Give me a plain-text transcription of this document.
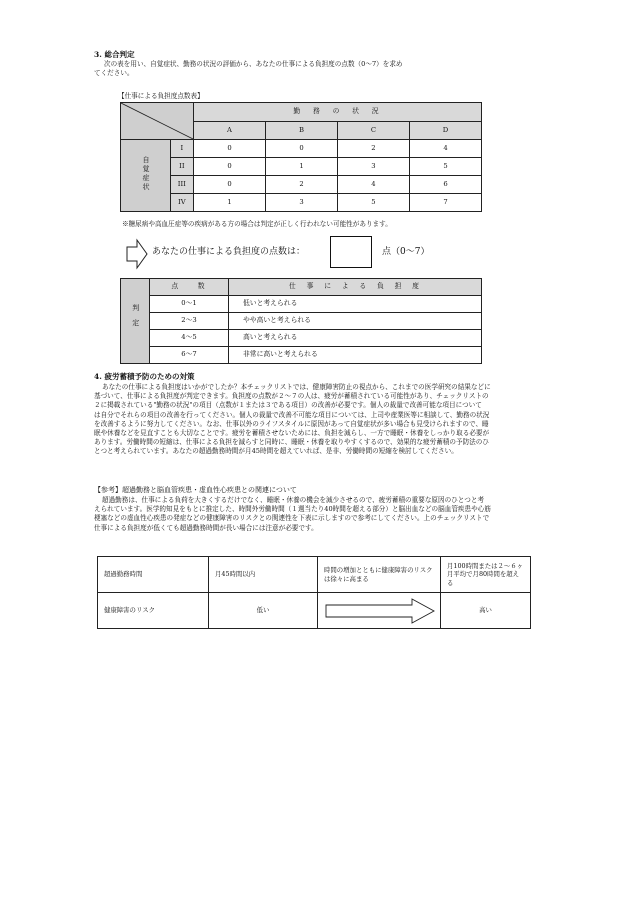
3. 総合判定
次の表を用い、自覚症状、勤務の状況の評価から、あなたの仕事による負担度の点数（0〜7）を求め
てください。
【仕事による負担度点数表】
	勤　務　の　状　況			
		A	B	C	D
自覚症状	I	0	0	2	4
	II	0	1	3	5
	III	0	2	4	6
	IV	1	3	5	7
※糖尿病や高血圧症等の疾病がある方の場合は判定が正しく行われない可能性があります。
あなたの仕事による負担度の点数は：	点（0〜7）
判定	点　　数	仕　事　に　よ　る　負　担　度
	0〜1	低いと考えられる
	2〜3	やや高いと考えられる
	4〜5	高いと考えられる
	6〜7	非常に高いと考えられる
4. 疲労蓄積予防のための対策
あなたの仕事による負担度はいかがでしたか？本チェックリストでは、健康障害防止の視点から、これまでの医学研究の結果などに
基づいて、仕事による負担度が判定できます。負担度の点数が２〜７の人は、疲労が蓄積されている可能性があり、チェックリストの
２に掲載されている"勤務の状況"の項目（点数が１または３である項目）の改善が必要です。個人の裁量で改善可能な項目について
は自分でそれらの項目の改善を行ってください。個人の裁量で改善不可能な項目については、上司や産業医等に相談して、勤務の状況
を改善するように努力してください。なお、仕事以外のライフスタイルに原因があって自覚症状が多い場合も見受けられますので、睡
眠や休養などを見直すことも大切なことです。疲労を蓄積させないためには、負担を減らし、一方で睡眠・休養をしっかり取る必要が
あります。労働時間の短縮は、仕事による負担を減らすと同時に、睡眠・休養を取りやすくするので、効果的な疲労蓄積の予防法のひ
とつと考えられています。あなたの超過勤務時間が月45時間を超えていれば、是非、労働時間の短縮を検討してください。
【参考】超過勤務と脳血管疾患・虚血性心疾患との関連について
超過勤務は、仕事による負荷を大きくするだけでなく、睡眠・休養の機会を減少させるので、疲労蓄積の重要な原因のひとつと考
えられています。医学的知見をもとに推定した、時間外労働時間（１週当たり40時間を超える部分）と脳出血などの脳血管疾患や心筋
梗塞などの虚血性心疾患の発症などの健康障害のリスクとの関連性を下表に示しますので参考にしてください。上のチェックリストで
仕事による負担度が低くても超過勤務時間が長い場合には注意が必要です。
超過勤務時間	月45時間以内	時間の増加とともに健康障害のリスクは徐々に高まる	月100時間または２〜６ヶ月平均で月80時間を超える
健康障害のリスク	低い		高い
